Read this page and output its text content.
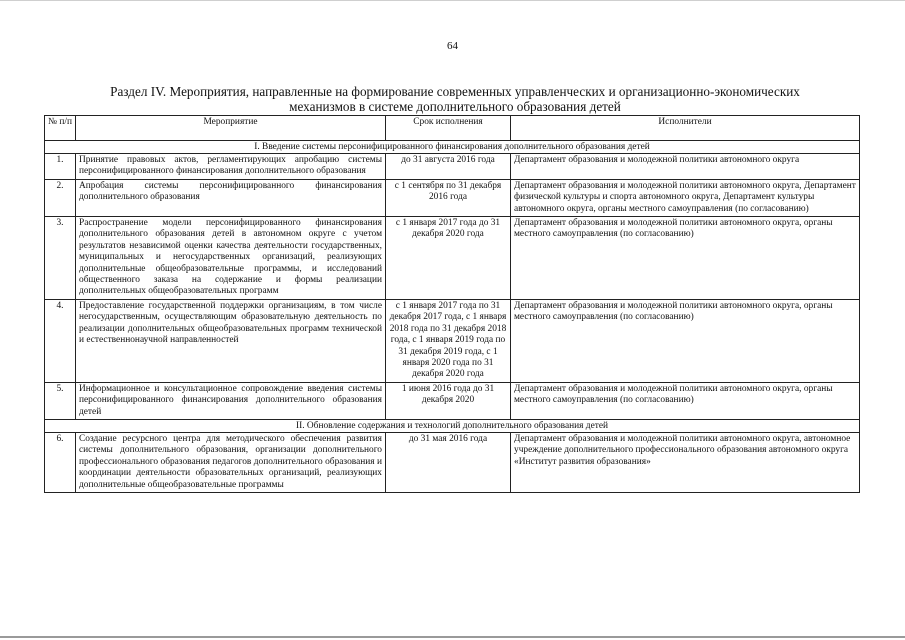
64
Раздел IV. Мероприятия, направленные на формирование современных управленческих и организационно-экономических
механизмов в системе дополнительного образования детей
№ п/п	Мероприятие	Срок исполнения	Исполнители
I. Введение системы персонифицированного финансирования дополнительного образования детей			
1.	Принятие правовых актов, регламентирующих апробацию системы персонифицированного финансирования дополнительного образования	до 31 августа 2016 года	Департамент образования и молодежной политики автономного округа
2.	Апробация системы персонифицированного финансирования дополнительного образования	с 1 сентября по 31 декабря 2016 года	Департамент образования и молодежной политики автономного округа, Департамент физической культуры и спорта автономного округа, Департамент культуры автономного округа, органы местного самоуправления (по согласованию)
3.	Распространение модели персонифицированного финансирования дополнительного образования детей в автономном округе с учетом результатов независимой оценки качества деятельности государственных, муниципальных и негосударственных организаций, реализующих дополнительные общеобразовательные программы, и исследований общественного заказа на содержание и формы реализации дополнительных общеобразовательных программ	с 1 января 2017 года до 31 декабря 2020 года	Департамент образования и молодежной политики автономного округа, органы местного самоуправления (по согласованию)
4.	Предоставление государственной поддержки организациям, в том числе негосударственным, осуществляющим образовательную деятельность по реализации дополнительных общеобразовательных программ технической и естественнонаучной направленностей	с 1 января 2017 года по 31 декабря 2017 года, с 1 января 2018 года по 31 декабря 2018 года, с 1 января 2019 года по 31 декабря 2019 года, с 1 января 2020 года по 31 декабря 2020 года	Департамент образования и молодежной политики автономного округа, органы местного самоуправления (по согласованию)
5.	Информационное и консультационное сопровождение введения системы персонифицированного финансирования дополнительного образования детей	1 июня 2016 года до 31 декабря 2020	Департамент образования и молодежной политики автономного округа, органы местного самоуправления (по согласованию)
II. Обновление содержания и технологий дополнительного образования детей			
6.	Создание ресурсного центра для методического обеспечения развития системы дополнительного образования, организации дополнительного профессионального образования педагогов дополнительного образования и координации деятельности образовательных организаций, реализующих дополнительные общеобразовательные программы	до 31 мая 2016 года	Департамент образования и молодежной политики автономного округа, автономное учреждение дополнительного профессионального образования автономного округа «Институт развития образования»
